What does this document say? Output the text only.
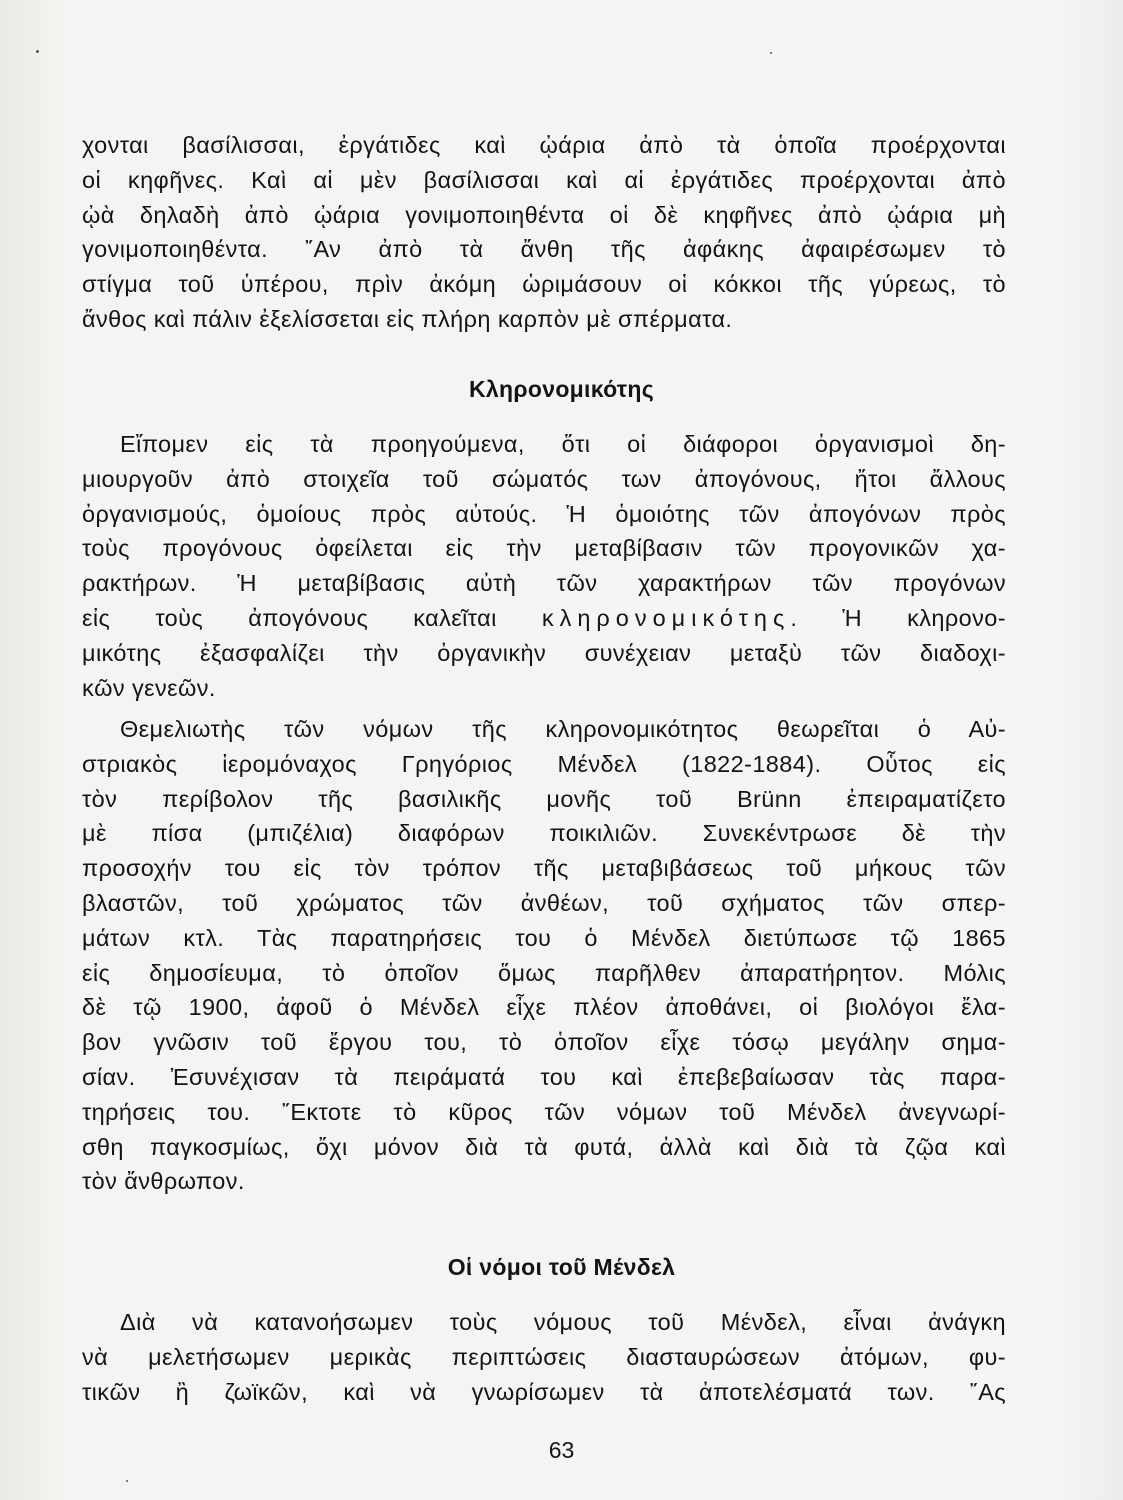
χονται βασίλισσαι, ἐργάτιδες καὶ ᾠάρια ἀπὸ τὰ ὁποῖα προέρχονται

οἱ κηφῆνες. Καὶ αἱ μὲν βασίλισσαι καὶ αἱ ἐργάτιδες προέρχονται ἀπὸ

ᾠὰ δηλαδὴ ἀπὸ ᾠάρια γονιμοποιηθέντα οἱ δὲ κηφῆνες ἀπὸ ᾠάρια μὴ

γονιμοποιηθέντα. ῎Αν ἀπὸ τὰ ἄνθη τῆς ἀφάκης ἀφαιρέσωμεν τὸ

στίγμα τοῦ ὑπέρου, πρὶν ἀκόμη ὡριμάσουν οἱ κόκκοι τῆς γύρεως, τὸ

ἄνθος καὶ πάλιν ἐξελίσσεται εἰς πλήρη καρπὸν μὲ σπέρματα.

Κληρονομικότης

Εἴπομεν εἰς τὰ προηγούμενα, ὅτι οἱ διάφοροι ὀργανισμοὶ δη-

μιουργοῦν ἀπὸ στοιχεῖα τοῦ σώματός των ἀπογόνους, ἤτοι ἄλλους

ὀργανισμούς, ὁμοίους πρὸς αὐτούς. Ἡ ὁμοιότης τῶν ἀπογόνων πρὸς

τοὺς προγόνους ὀφείλεται εἰς τὴν μεταβίβασιν τῶν προγονικῶν χα-

ρακτήρων. Ἡ μεταβίβασις αὐτὴ τῶν χαρακτήρων τῶν προγόνων

εἰς τοὺς ἀπογόνους καλεῖται κληρονομικότης. Ἡ κληρονο-

μικότης ἐξασφαλίζει τὴν ὀργανικὴν συνέχειαν μεταξὺ τῶν διαδοχι-

κῶν γενεῶν.

Θεμελιωτὴς τῶν νόμων τῆς κληρονομικότητος θεωρεῖται ὁ Αὐ-

στριακὸς ἱερομόναχος Γρηγόριος Μένδελ (1822-1884). Οὗτος εἰς

τὸν περίβολον τῆς βασιλικῆς μονῆς τοῦ Brünn ἐπειραματίζετο

μὲ πίσα (μπιζέλια) διαφόρων ποικιλιῶν. Συνεκέντρωσε δὲ τὴν

προσοχήν του εἰς τὸν τρόπον τῆς μεταβιβάσεως τοῦ μήκους τῶν

βλαστῶν, τοῦ χρώματος τῶν ἀνθέων, τοῦ σχήματος τῶν σπερ-

μάτων κτλ. Τὰς παρατηρήσεις του ὁ Μένδελ διετύπωσε τῷ 1865

εἰς δημοσίευμα, τὸ ὁποῖον ὅμως παρῆλθεν ἀπαρατήρητον. Μόλις

δὲ τῷ 1900, ἀφοῦ ὁ Μένδελ εἶχε πλέον ἀποθάνει, οἱ βιολόγοι ἔλα-

βον γνῶσιν τοῦ ἔργου του, τὸ ὁποῖον εἶχε τόσῳ μεγάλην σημα-

σίαν. Ἐσυνέχισαν τὰ πειράματά του καὶ ἐπεβεβαίωσαν τὰς παρα-

τηρήσεις του. ῎Εκτοτε τὸ κῦρος τῶν νόμων τοῦ Μένδελ ἀνεγνωρί-

σθη παγκοσμίως, ὄχι μόνον διὰ τὰ φυτά, ἀλλὰ καὶ διὰ τὰ ζῷα καὶ

τὸν ἄνθρωπον.

Οἱ νόμοι τοῦ Μένδελ

Διὰ νὰ κατανοήσωμεν τοὺς νόμους τοῦ Μένδελ, εἶναι ἀνάγκη

νὰ μελετήσωμεν μερικὰς περιπτώσεις διασταυρώσεων ἀτόμων, φυ-

τικῶν ἢ ζωϊκῶν, καὶ νὰ γνωρίσωμεν τὰ ἀποτελέσματά των. ῎Ας

63
